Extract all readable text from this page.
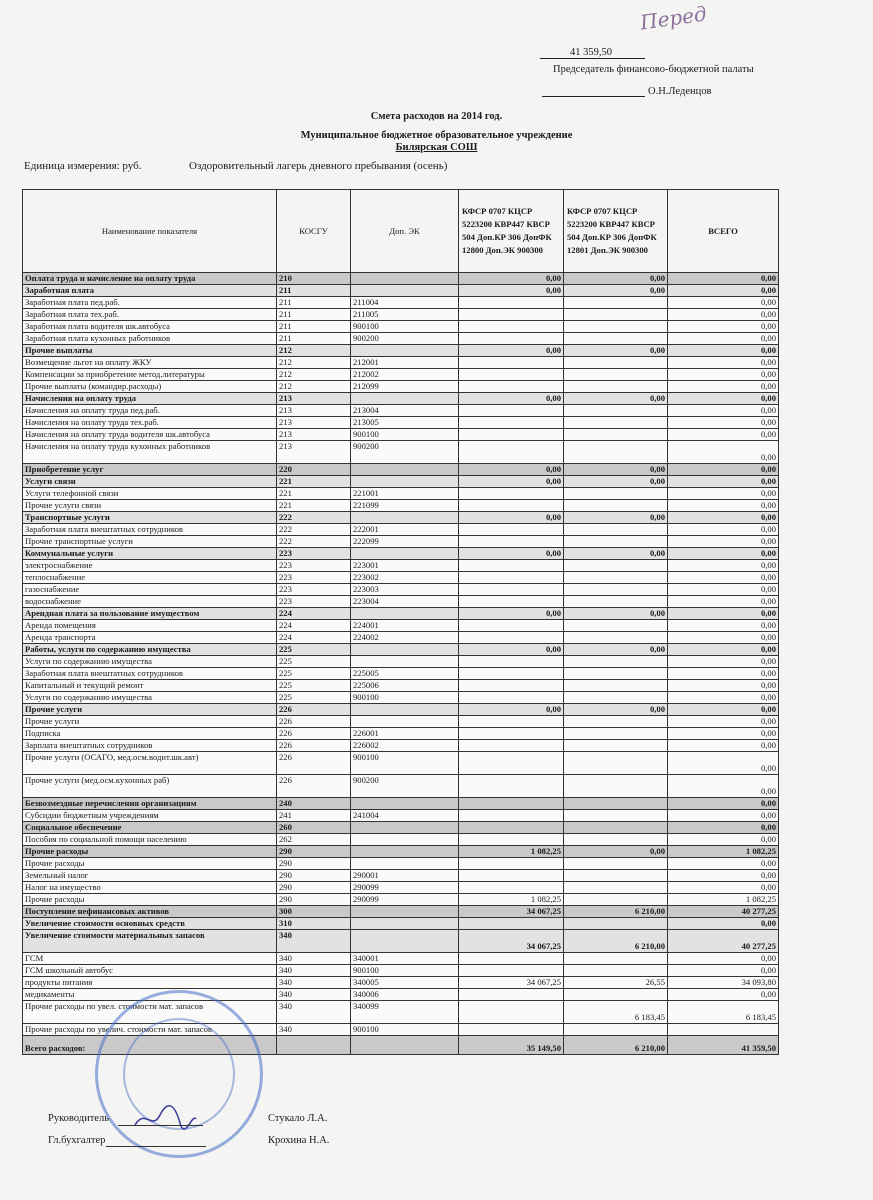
Перед
41 359,50
Председатель финансово-бюджетной палаты
О.Н.Леденцов
Смета расходов на 2014 год.
Муниципальное бюджетное образовательное учреждение
Билярская СОШ
Единица измерения: руб.	Оздоровительный лагерь дневного пребывания (осень)
Наименование показателя	КОСГУ	Доп. ЭК	КФСР 0707 КЦСР 5223200 КВР447 КВСР 504 Доп.КР 306 ДопФК 12800 Доп.ЭК 900300	КФСР 0707 КЦСР 5223200 КВР447 КВСР 504 Доп.КР 306 ДопФК 12801 Доп.ЭК 900300	ВСЕГО
Оплата труда и начисление на оплату труда	210		0,00	0,00	0,00
Заработная плата	211		0,00	0,00	0,00
Заработная плата пед.раб.	211	211004			0,00
Заработная плата тех.раб.	211	211005			0,00
Заработная плата водителя шк.автобуса	211	900100			0,00
Заработная плата кухонных работников	211	900200			0,00
Прочие выплаты	212		0,00	0,00	0,00
Возмещение льгот на оплату ЖКУ	212	212001			0,00
Компенсации за приобретение метод.литературы	212	212002			0,00
Прочие выплаты (командир.расходы)	212	212099			0,00
Начисления на оплату труда	213		0,00	0,00	0,00
Начисления на оплату труда пед.раб.	213	213004			0,00
Начисления на оплату труда тех.раб.	213	213005			0,00
Начисления на оплату труда водителя шк.автобуса	213	900100			0,00
Начисления на оплату труда кухонных работников	213	900200			0,00
Приобретение услуг	220		0,00	0,00	0,00
Услуги связи	221		0,00	0,00	0,00
Услуги телефонной связи	221	221001			0,00
Прочие услуги связи	221	221099			0,00
Транспортные услуги	222		0,00	0,00	0,00
Заработная плата внештатных сотрудников	222	222001			0,00
Прочие транспортные услуги	222	222099			0,00
Коммунальные услуги	223		0,00	0,00	0,00
электроснабжение	223	223001			0,00
теплоснабжение	223	223002			0,00
газоснабжение	223	223003			0,00
водоснабжение	223	223004			0,00
Арендная плата за пользование имуществом	224		0,00	0,00	0,00
Аренда помещения	224	224001			0,00
Аренда транспорта	224	224002			0,00
Работы, услуги по содержанию имущества	225		0,00	0,00	0,00
Услуги по содержанию имущества	225				0,00
Заработная плата внештатных сотрудников	225	225005			0,00
Капитальный и текущий ремонт	225	225006			0,00
Услуги по содержанию имущества	225	900100			0,00
Прочие услуги	226		0,00	0,00	0,00
Прочие услуги	226				0,00
Подписка	226	226001			0,00
Зарплата внештатных сотрудников	226	226002			0,00
Прочие услуги (ОСАГО, мед.осм.водит.шк.авт)	226	900100			0,00
Прочие услуги (мед.осм.кухонных раб)	226	900200			0,00
Безвозмездные перечисления организациям	240				0,00
Субсидии бюджетным учреждениям	241	241004			0,00
Социальное обеспечение	260				0,00
Пособия по социальной помощи населению	262				0,00
Прочие расходы	290		1 082,25	0,00	1 082,25
Прочие расходы	290				0,00
Земельный налог	290	290001			0,00
Налог на имущество	290	290099			0,00
Прочие расходы	290	290099	1 082,25		1 082,25
Поступление нефинансовых активов	300		34 067,25	6 210,00	40 277,25
Увеличение стоимости основных средств	310				0,00
Увеличение стоимости материальных запасов	340		34 067,25	6 210,00	40 277,25
ГСМ	340	340001			0,00
ГСМ школьный автобус	340	900100			0,00
продукты питания	340	340005	34 067,25	26,55	34 093,80
медикаменты	340	340006			0,00
Прочие расходы по увел. стоимости мат. запасов	340	340099		6 183,45	6 183,45
Прочие расходы по увелич. стоимости мат. запасов	340	900100			
Всего расходов:			35 149,50	6 210,00	41 359,50
Руководитель	Стукало Л.А.
Гл.бухгалтер	Крохина Н.А.
